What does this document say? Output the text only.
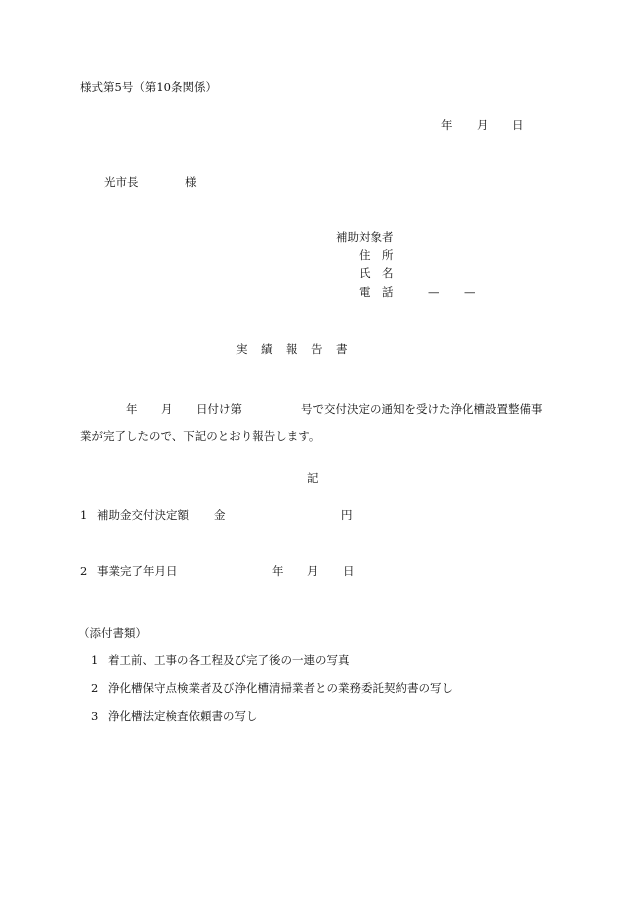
様式第5号（第10条関係）
年 月 日
光市長	様
補助対象者
住　所
氏　名
電　話	— —
実　績　報　告　書
年 月 日付け第	号で交付決定の通知を受けた浄化槽設置整備事
業が完了したので、下記のとおり報告します。
記
1 補助金交付決定額 金	円
2 事業完了年月日	年 月 日
（添付書類）
1 着工前、工事の各工程及び完了後の一連の写真
2 浄化槽保守点検業者及び浄化槽清掃業者との業務委託契約書の写し
3 浄化槽法定検査依頼書の写し
